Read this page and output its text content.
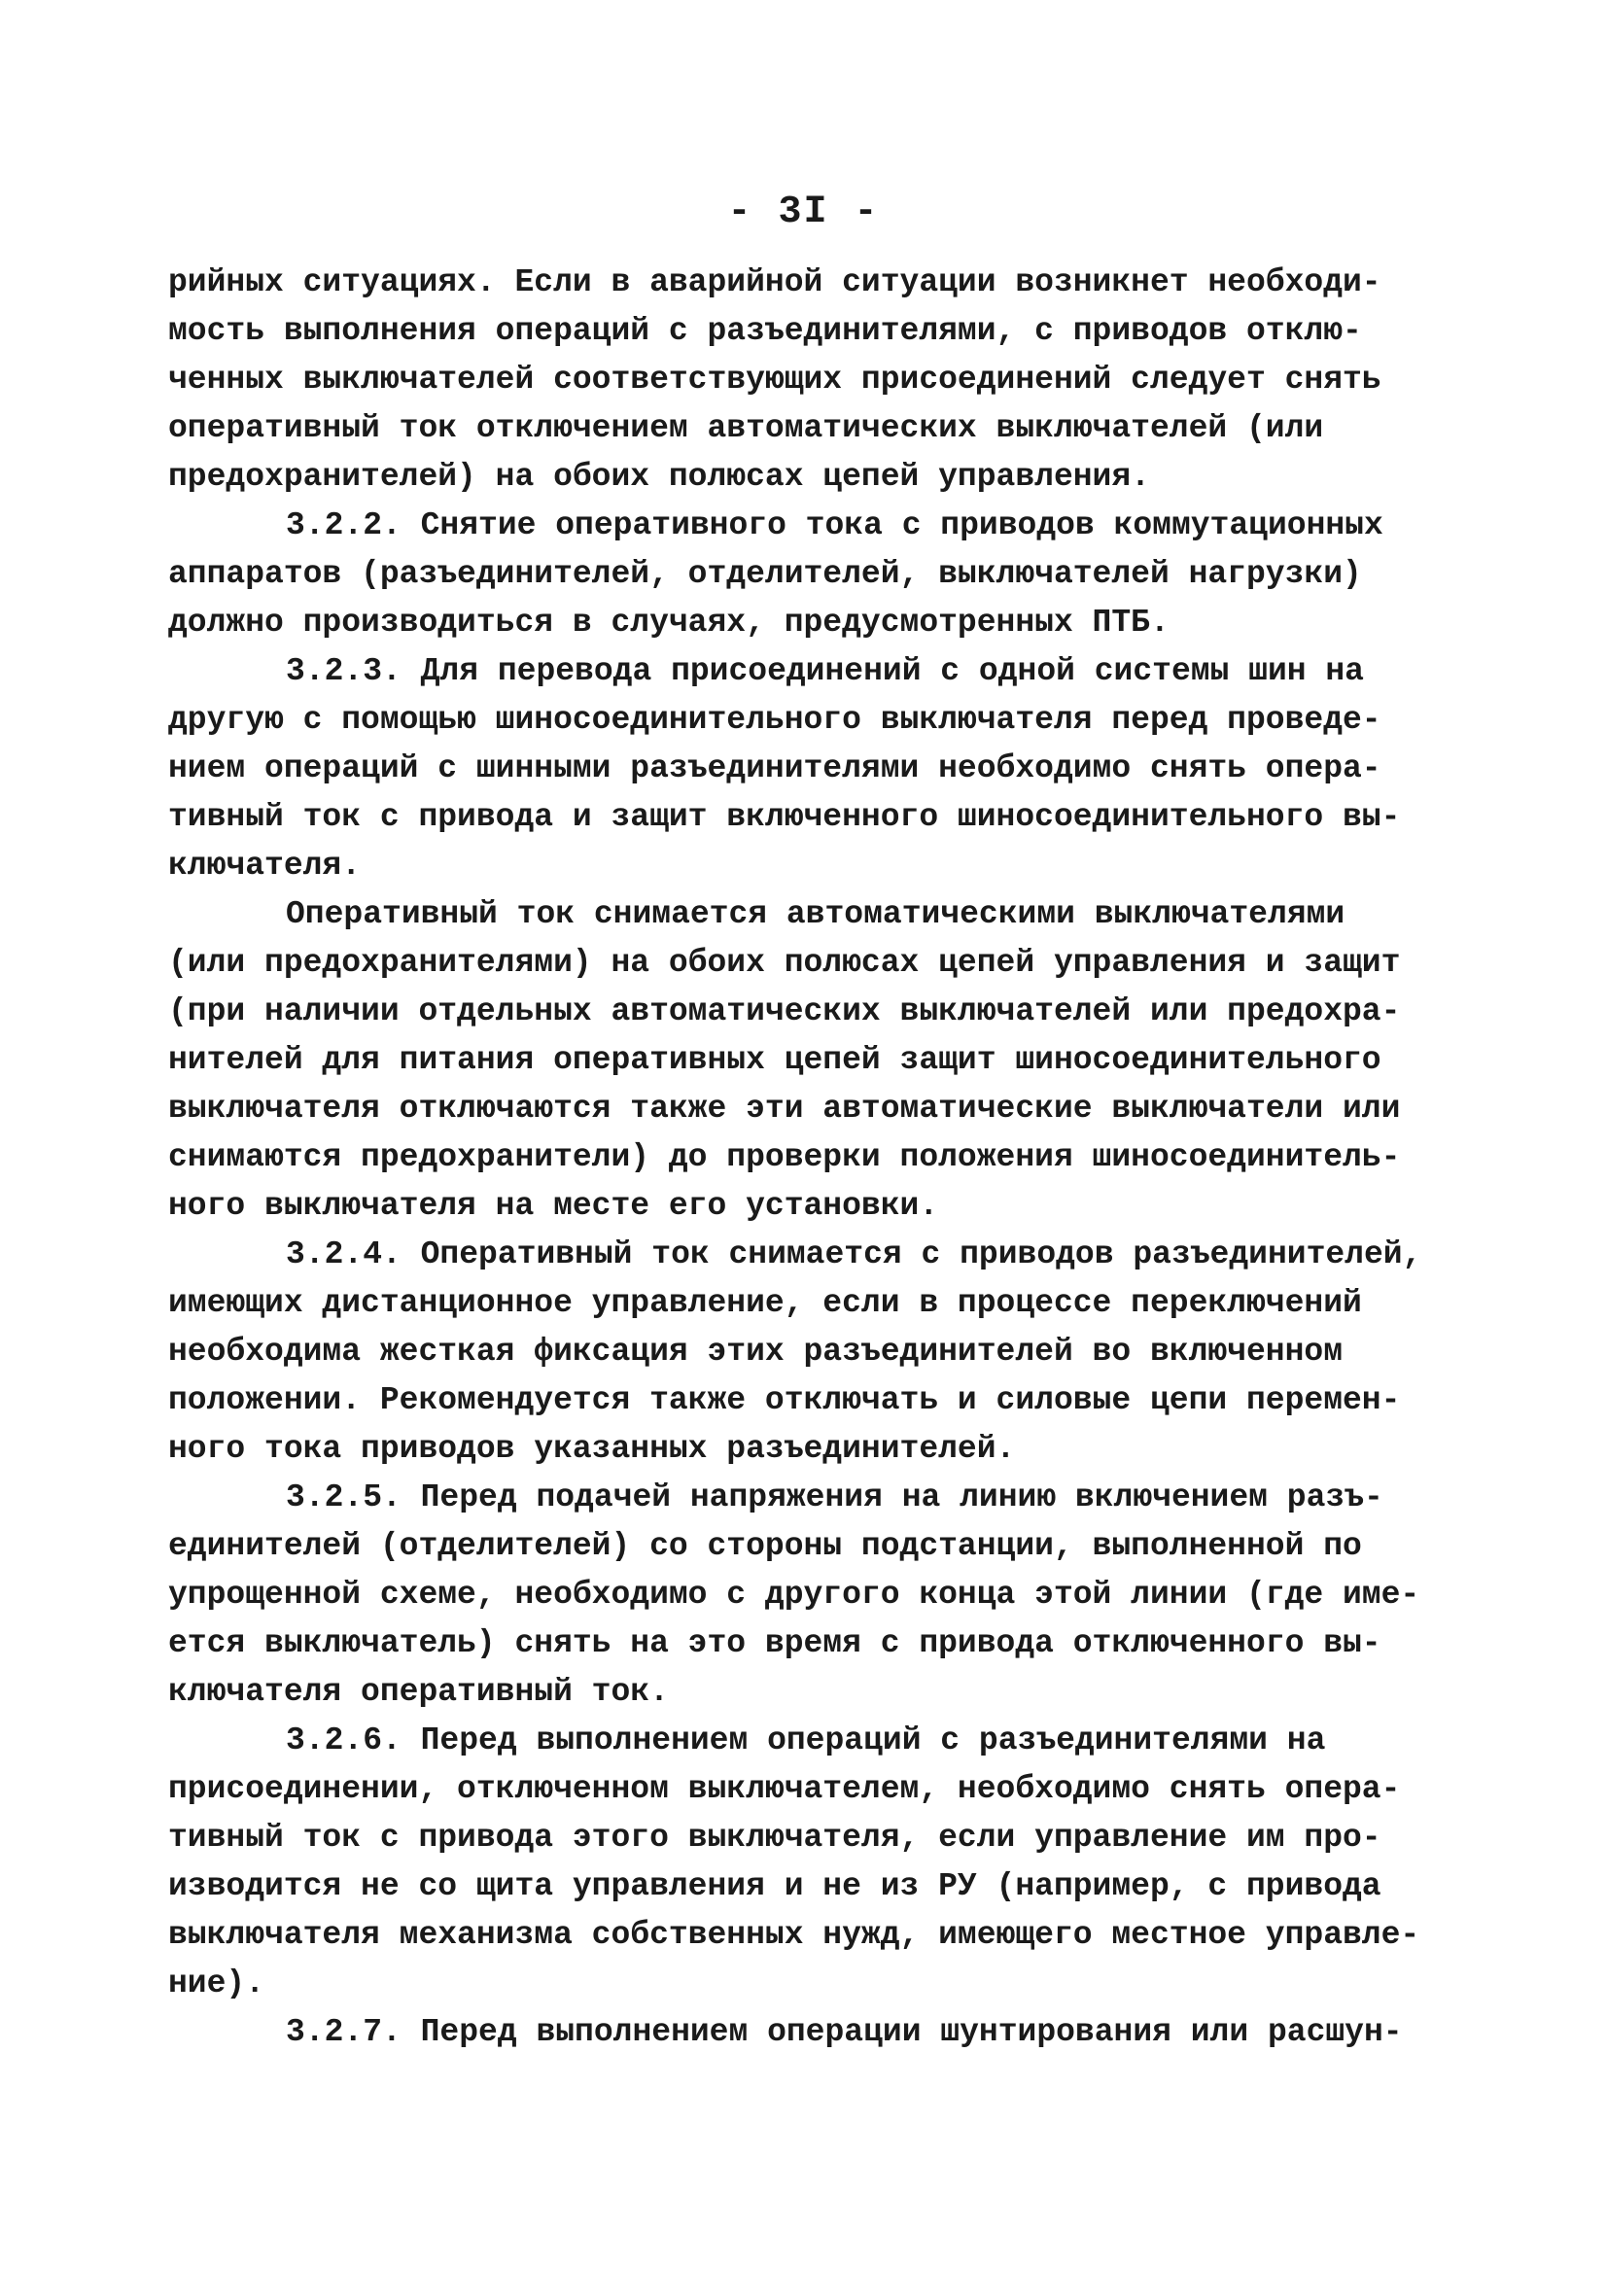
- 3I -
рийных ситуациях. Если в аварийной ситуации возникнет необходи-
мость выполнения операций с разъединителями, с приводов отклю-
ченных выключателей соответствующих присоединений следует снять
оперативный ток отключением автоматических выключателей (или
предохранителей) на обоих полюсах цепей управления.
3.2.2. Снятие оперативного тока с приводов коммутационных
аппаратов (разъединителей, отделителей, выключателей нагрузки)
должно производиться в случаях, предусмотренных ПТБ.
3.2.3. Для перевода присоединений с одной системы шин на
другую с помощью шиносоединительного выключателя перед проведе-
нием операций с шинными разъединителями необходимо снять опера-
тивный ток с привода и защит включенного шиносоединительного вы-
ключателя.
Оперативный ток снимается автоматическими выключателями
(или предохранителями) на обоих полюсах цепей управления и защит
(при наличии отдельных автоматических выключателей или предохра-
нителей для питания оперативных цепей защит шиносоединительного
выключателя отключаются также эти автоматические выключатели или
снимаются предохранители) до проверки положения шиносоединитель-
ного выключателя на месте его установки.
3.2.4. Оперативный ток снимается с приводов разъединителей,
имеющих дистанционное управление, если в процессе переключений
необходима жесткая фиксация этих разъединителей во включенном
положении. Рекомендуется также отключать и силовые цепи перемен-
ного тока приводов указанных разъединителей.
3.2.5. Перед подачей напряжения на линию включением разъ-
единителей (отделителей) со стороны подстанции, выполненной по
упрощенной схеме, необходимо с другого конца этой линии (где име-
ется выключатель) снять на это время с привода отключенного вы-
ключателя оперативный ток.
3.2.6. Перед выполнением операций с разъединителями на
присоединении, отключенном выключателем, необходимо снять опера-
тивный ток с привода этого выключателя, если управление им про-
изводится не со щита управления и не из РУ (например, с привода
выключателя механизма собственных нужд, имеющего местное управле-
ние).
3.2.7. Перед выполнением операции шунтирования или расшун-
